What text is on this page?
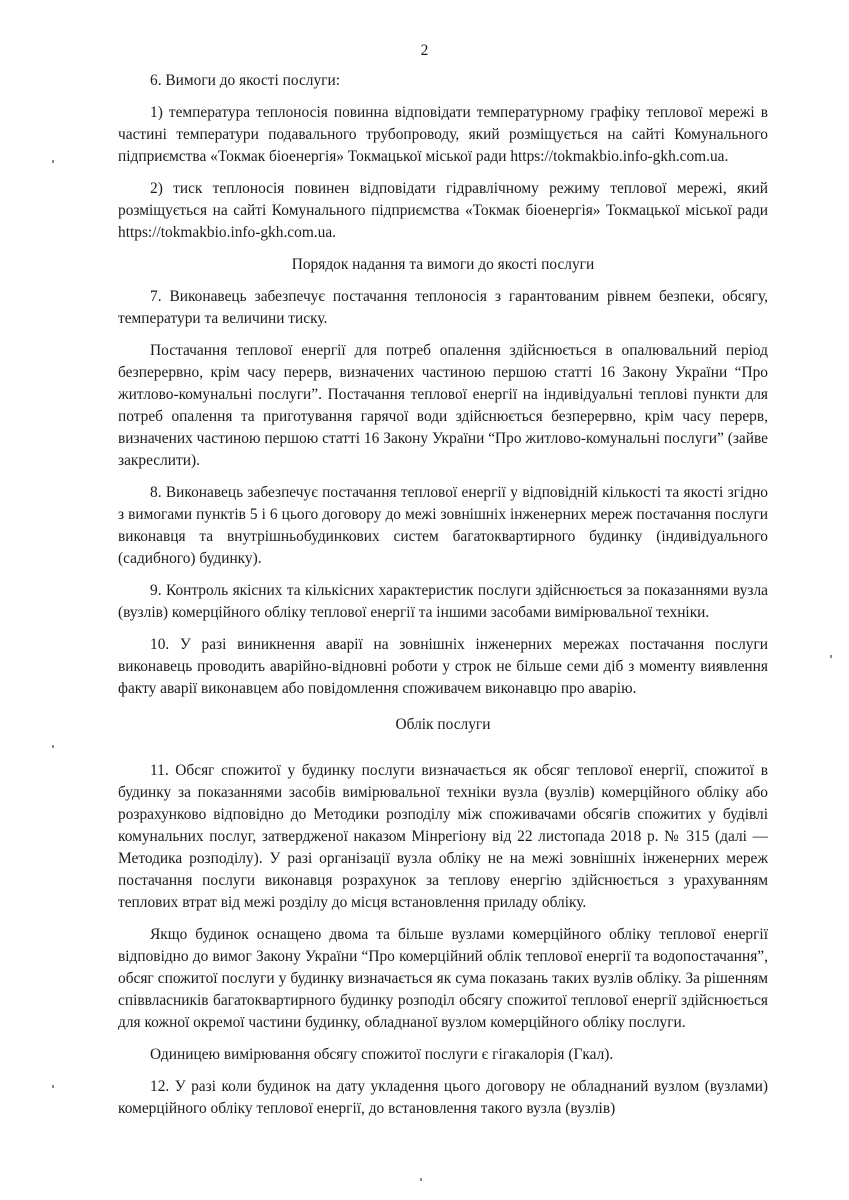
2

6. Вимоги до якості послуги:

1) температура теплоносія повинна відповідати температурному графіку теплової мережі в частині температури подавального трубопроводу, який розміщується на сайті Комунального підприємства «Токмак біоенергія» Токмацької міської ради https://tokmakbio.info-gkh.com.ua.

2) тиск теплоносія повинен відповідати гідравлічному режиму теплової мережі, який розміщується на сайті Комунального підприємства «Токмак біоенергія» Токмацької міської ради https://tokmakbio.info-gkh.com.ua.

Порядок надання та вимоги до якості послуги

7. Виконавець забезпечує постачання теплоносія з гарантованим рівнем безпеки, обсягу, температури та величини тиску.

Постачання теплової енергії для потреб опалення здійснюється в опалювальний період безперервно, крім часу перерв, визначених частиною першою статті 16 Закону України “Про житлово-комунальні послуги”. Постачання теплової енергії на індивідуальні теплові пункти для потреб опалення та приготування гарячої води здійснюється безперервно, крім часу перерв, визначених частиною першою статті 16 Закону України “Про житлово-комунальні послуги” (зайве закреслити).

8. Виконавець забезпечує постачання теплової енергії у відповідній кількості та якості згідно з вимогами пунктів 5 і 6 цього договору до межі зовнішніх інженерних мереж постачання послуги виконавця та внутрішньобудинкових систем багатоквартирного будинку (індивідуального (садибного) будинку).

9. Контроль якісних та кількісних характеристик послуги здійснюється за показаннями вузла (вузлів) комерційного обліку теплової енергії та іншими засобами вимірювальної техніки.

10. У разі виникнення аварії на зовнішніх інженерних мережах постачання послуги виконавець проводить аварійно-відновні роботи у строк не більше семи діб з моменту виявлення факту аварії виконавцем або повідомлення споживачем виконавцю про аварію.

Облік послуги

11. Обсяг спожитої у будинку послуги визначається як обсяг теплової енергії, спожитої в будинку за показаннями засобів вимірювальної техніки вузла (вузлів) комерційного обліку або розрахунково відповідно до Методики розподілу між споживачами обсягів спожитих у будівлі комунальних послуг, затвердженої наказом Мінрегіону від 22 листопада 2018 р. № 315 (далі — Методика розподілу). У разі організації вузла обліку не на межі зовнішніх інженерних мереж постачання послуги виконавця розрахунок за теплову енергію здійснюється з урахуванням теплових втрат від межі розділу до місця встановлення приладу обліку.

Якщо будинок оснащено двома та більше вузлами комерційного обліку теплової енергії відповідно до вимог Закону України “Про комерційний облік теплової енергії та водопостачання”, обсяг спожитої послуги у будинку визначається як сума показань таких вузлів обліку. За рішенням співвласників багатоквартирного будинку розподіл обсягу спожитої теплової енергії здійснюється для кожної окремої частини будинку, обладнаної вузлом комерційного обліку послуги.

Одиницею вимірювання обсягу спожитої послуги є гігакалорія (Гкал).

12. У разі коли будинок на дату укладення цього договору не обладнаний вузлом (вузлами) комерційного обліку теплової енергії, до встановлення такого вузла (вузлів)
